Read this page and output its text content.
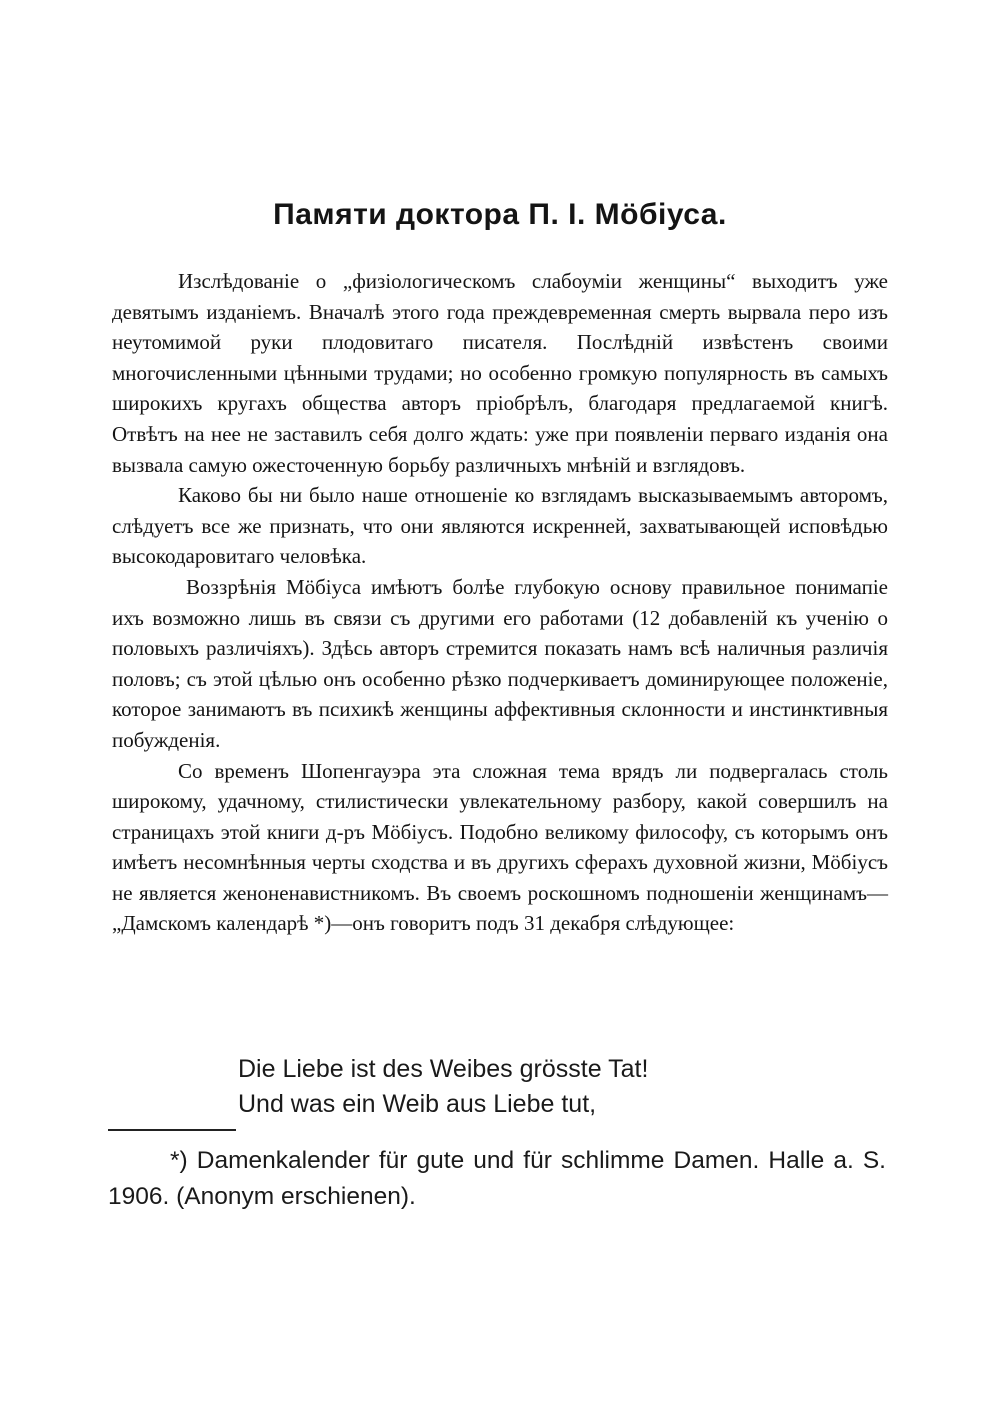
Памяти доктора П. I. Мöбiуса.

Изслѣдованiе о „физiологическомъ слабоумiи женщины“ выходитъ уже девятымъ изданiемъ. Вначалѣ этого года преждевременная смерть вырвала перо изъ неутомимой руки плодовитаго писателя. Послѣднiй извѣстенъ своими многочисленными цѣнными трудами; но особенно громкую популярность въ самыхъ широкихъ кругахъ общества авторъ прiобрѣлъ, благодаря предлагаемой книгѣ. Отвѣтъ на нее не заставилъ себя долго ждать: уже при появленiи перваго изданiя она вызвала самую ожесточенную борьбу различныхъ мнѣнiй и взглядовъ.

Каково бы ни было наше отношенiе ко взглядамъ высказываемымъ авторомъ, слѣдуетъ все же признать, что они являются искренней, захватывающей исповѣдью высокодаровитаго человѣка.

Воззрѣнiя Мöбiуса имѣютъ болѣе глубокую основу правильное понимапiе ихъ возможно лишь въ связи съ другими его работами (12 добавленiй къ ученiю о половыхъ различiяхъ). Здѣсь авторъ стремится показать намъ всѣ наличныя различiя половъ; съ этой цѣлью онъ особенно рѣзко подчеркиваетъ доминирующее положенiе, которое занимаютъ въ психикѣ женщины аффективныя склонности и инстинктивныя побужденiя.

Со временъ Шопенгауэра эта сложная тема врядъ ли подвергалась столь широкому, удачному, стилистически увлекательному разбору, какой совершилъ на страницахъ этой книги д-ръ Мöбiусъ. Подобно великому философу, съ которымъ онъ имѣетъ несомнѣнныя черты сходства и въ другихъ сферахъ духовной жизни, Мöбiусъ не является женоненавистникомъ. Въ своемъ роскошномъ подношенiи женщинамъ—„Дамскомъ календарѣ *)—онъ говоритъ подъ 31 декабря слѣдующее:

Die Liebe ist des Weibes grösste Tat!
Und was ein Weib aus Liebe tut,

*) Damenkalender für gute und für schlimme Damen. Halle a. S. 1906. (Anonym erschienen).
